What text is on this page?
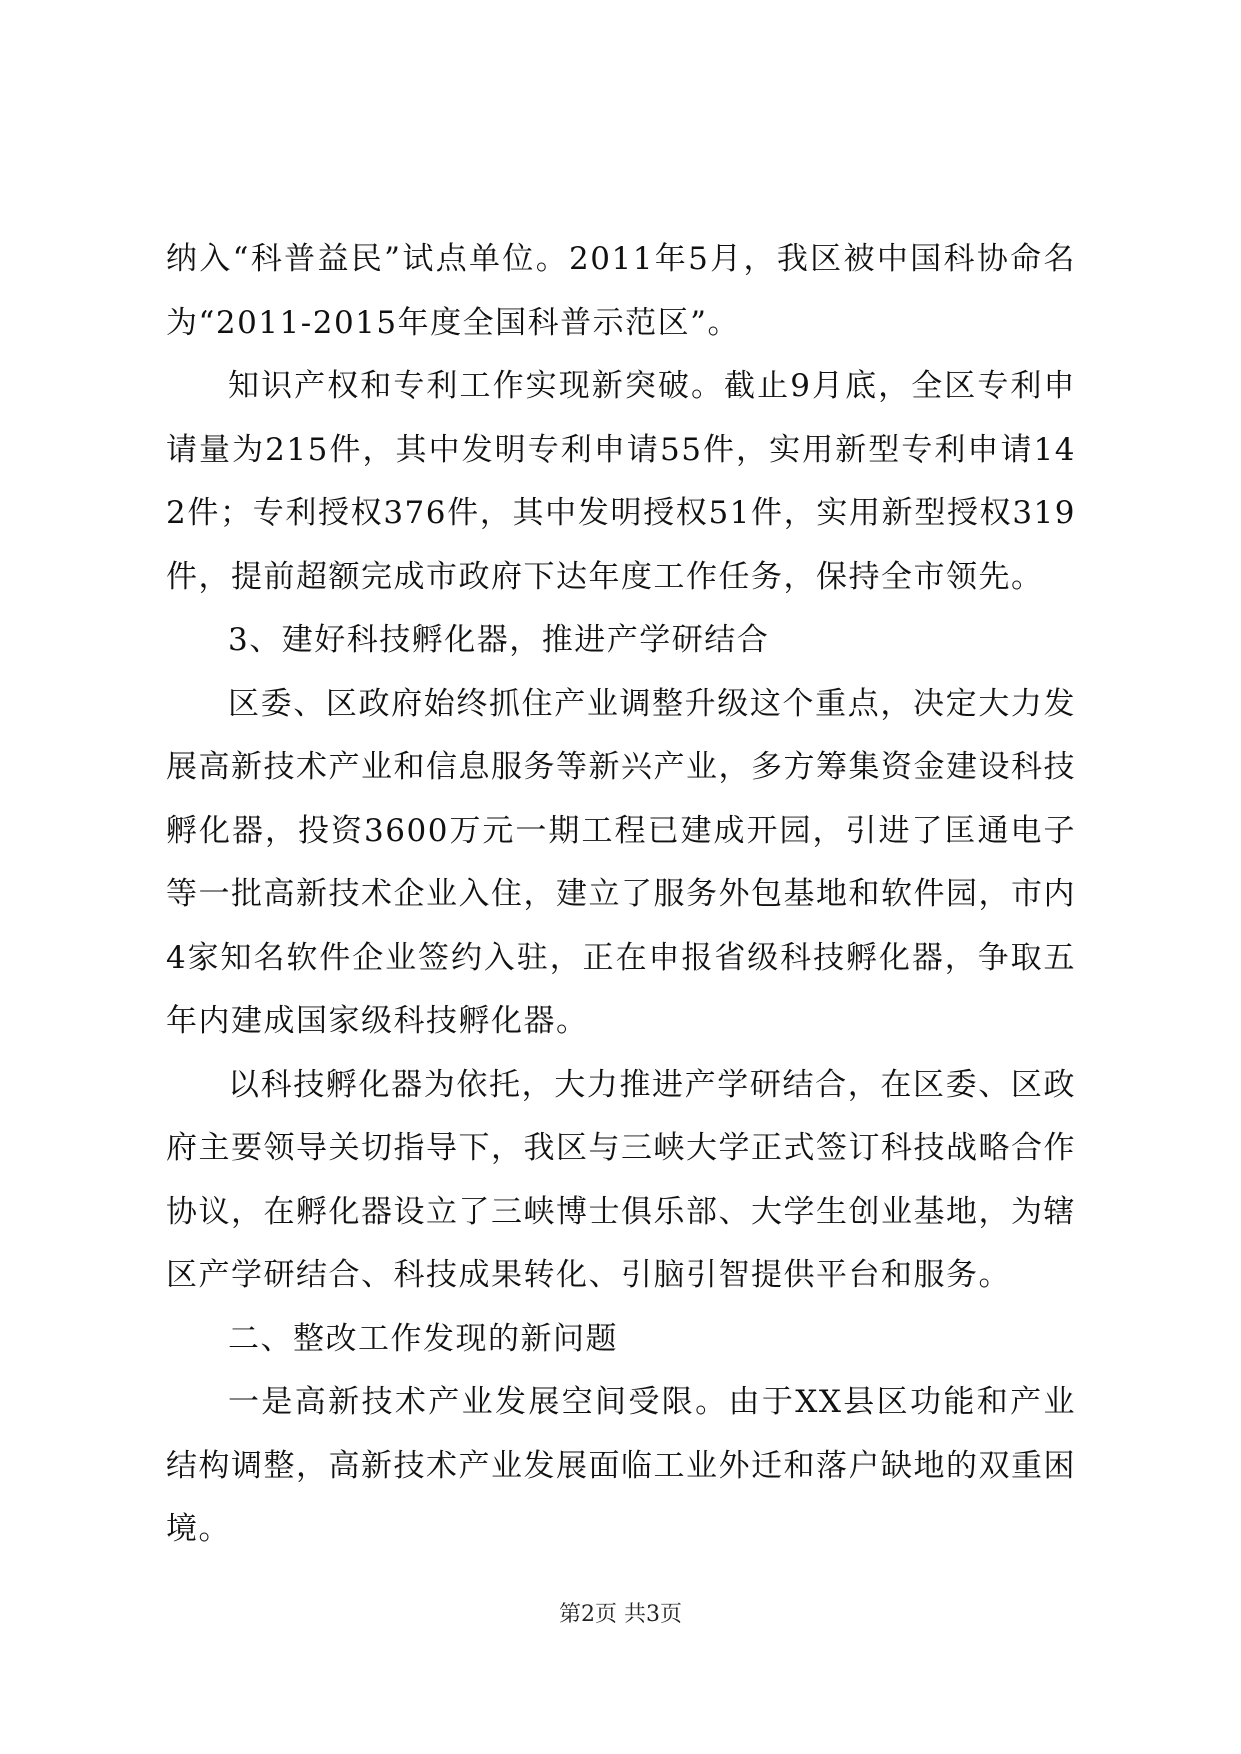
纳入“科普益民”试点单位。2011年5月，我区被中国科协命名为“2011-2015年度全国科普示范区”。

知识产权和专利工作实现新突破。截止9月底，全区专利申请量为215件，其中发明专利申请55件，实用新型专利申请142件；专利授权376件，其中发明授权51件，实用新型授权319件，提前超额完成市政府下达年度工作任务，保持全市领先。

3、建好科技孵化器，推进产学研结合

区委、区政府始终抓住产业调整升级这个重点，决定大力发展高新技术产业和信息服务等新兴产业，多方筹集资金建设科技孵化器，投资3600万元一期工程已建成开园，引进了匡通电子等一批高新技术企业入住，建立了服务外包基地和软件园，市内4家知名软件企业签约入驻，正在申报省级科技孵化器，争取五年内建成国家级科技孵化器。

以科技孵化器为依托，大力推进产学研结合，在区委、区政府主要领导关切指导下，我区与三峡大学正式签订科技战略合作协议，在孵化器设立了三峡博士俱乐部、大学生创业基地，为辖区产学研结合、科技成果转化、引脑引智提供平台和服务。

二、整改工作发现的新问题

一是高新技术产业发展空间受限。由于XX县区功能和产业结构调整，高新技术产业发展面临工业外迁和落户缺地的双重困境。

第2页 共3页
